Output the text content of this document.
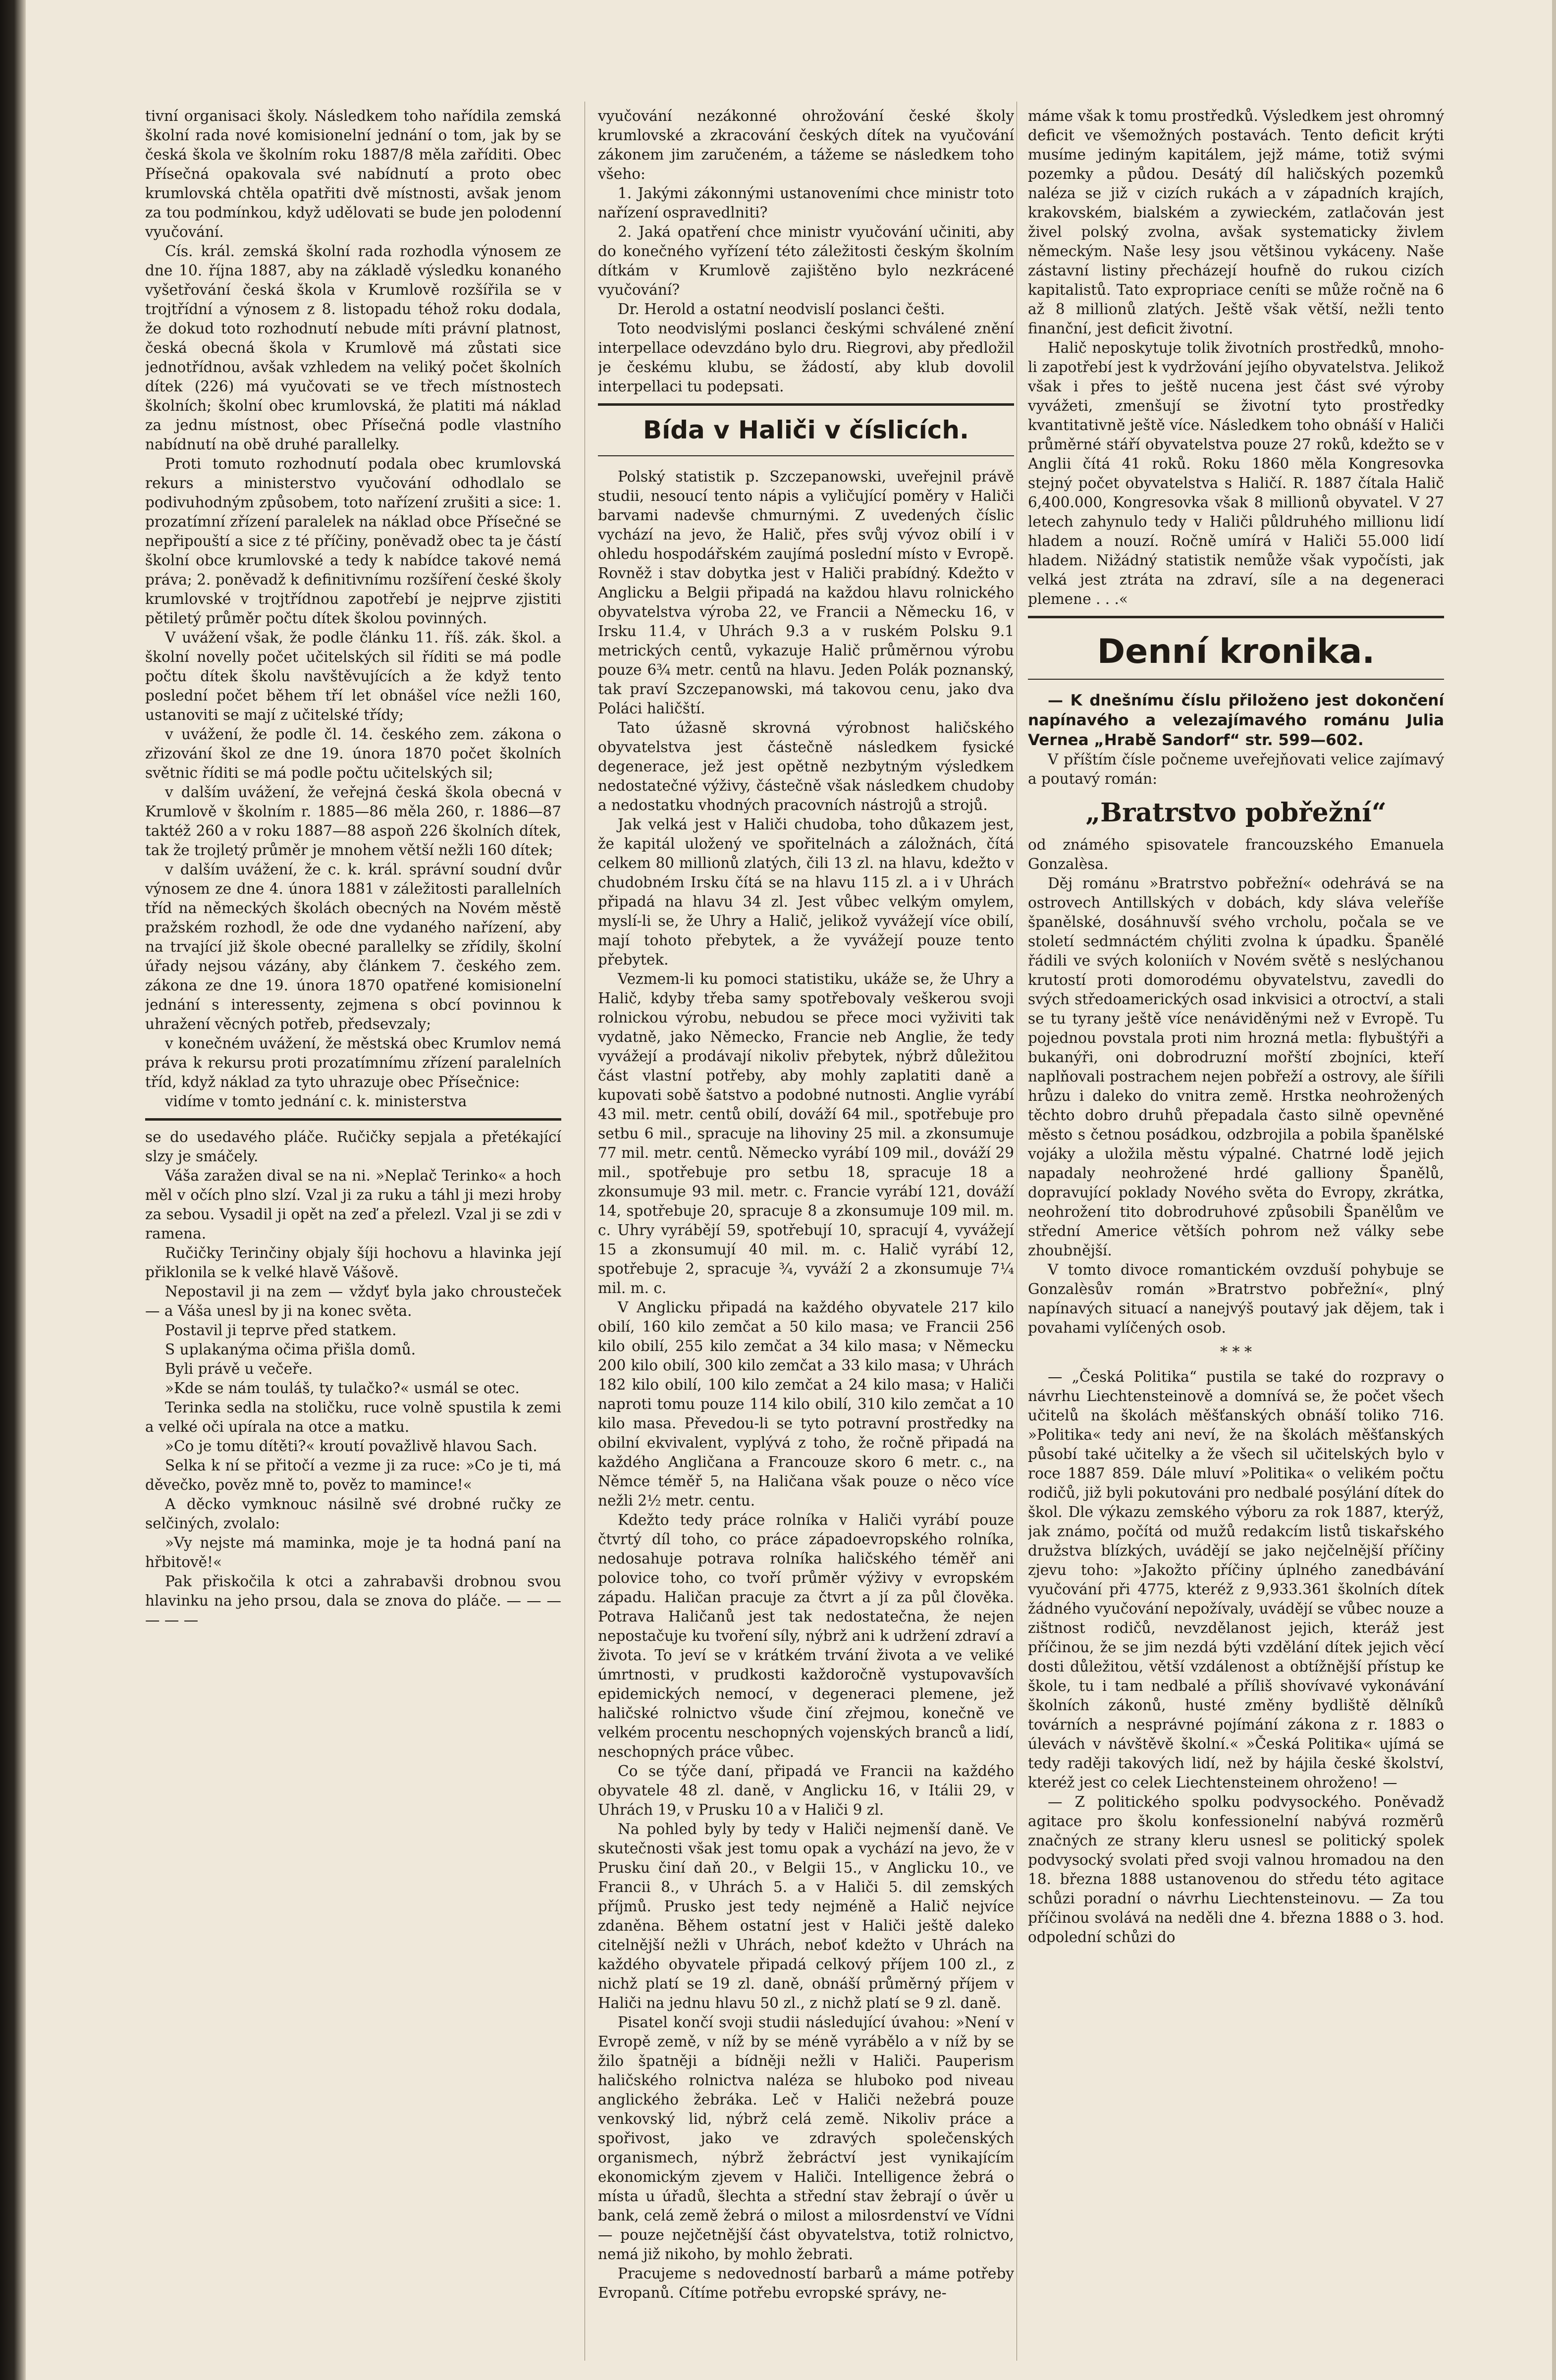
tivní organisaci školy. Následkem toho nařídila zemská školní rada nové komisionelní jednání o tom, jak by se česká škola ve školním roku 1887/8 měla zaříditi. Obec Přísečná opakovala své nabídnutí a proto obec krumlovská chtěla opatřiti dvě místnosti, avšak jenom za tou podmínkou, když udělovati se bude jen polodenní vyučování.

Cís. král. zemská školní rada rozhodla výnosem ze dne 10. října 1887, aby na základě výsledku konaného vyšetřování česká škola v Krumlově rozšířila se v trojtřídní a výnosem z 8. listopadu téhož roku dodala, že dokud toto rozhodnutí nebude míti právní platnost, česká obecná škola v Krumlově má zůstati sice jednotřídnou, avšak vzhledem na veliký počet školních dítek (226) má vyučovati se ve třech místnostech školních; školní obec krumlovská, že platiti má náklad za jednu místnost, obec Přísečná podle vlastního nabídnutí na obě druhé parallelky.

Proti tomuto rozhodnutí podala obec krumlovská rekurs a ministerstvo vyučování odhodlalo se podivuhodným způsobem, toto nařízení zrušiti a sice: 1. prozatímní zřízení paralelek na náklad obce Přísečné se nepřipouští a sice z té příčiny, poněvadž obec ta je částí školní obce krumlovské a tedy k nabídce takové nemá práva; 2. poněvadž k definitivnímu rozšíření české školy krumlovské v trojtřídnou zapotřebí je nejprve zjistiti pětiletý průměr počtu dítek školou povinných.

V uvážení však, že podle článku 11. říš. zák. škol. a školní novelly počet učitelských sil říditi se má podle počtu dítek školu navštěvujících a že když tento poslední počet během tří let obnášel více nežli 160, ustanoviti se mají z učitelské třídy;

v uvážení, že podle čl. 14. českého zem. zákona o zřizování škol ze dne 19. února 1870 počet školních světnic říditi se má podle počtu učitelských sil;

v dalším uvážení, že veřejná česká škola obecná v Krumlově v školním r. 1885—86 měla 260, r. 1886—87 taktéž 260 a v roku 1887—88 aspoň 226 školních dítek, tak že trojletý průměr je mnohem větší nežli 160 dítek;

v dalším uvážení, že c. k. král. správní soudní dvůr výnosem ze dne 4. února 1881 v záležitosti parallelních tříd na německých školách obecných na Novém městě pražském rozhodl, že ode dne vydaného nařízení, aby na trvající již škole obecné parallelky se zřídily, školní úřady nejsou vázány, aby článkem 7. českého zem. zákona ze dne 19. února 1870 opatřené komisionelní jednání s interessenty, zejmena s obcí povinnou k uhražení věcných potřeb, předsevzaly;

v konečném uvážení, že městská obec Krumlov nemá práva k rekursu proti prozatímnímu zřízení paralelních tříd, když náklad za tyto uhrazuje obec Přísečnice:

vidíme v tomto jednání c. k. ministerstva

se do usedavého pláče. Ručičky sepjala a přetékající slzy je smáčely.

Váša zaražen dival se na ni. »Neplač Terinko« a hoch měl v očích plno slzí. Vzal ji za ruku a táhl ji mezi hroby za sebou. Vysadil ji opět na zeď a přelezl. Vzal ji se zdi v ramena.

Ručičky Terinčiny objaly šíji hochovu a hlavinka její přiklonila se k velké hlavě Vášově.

Nepostavil ji na zem — vždyť byla jako chrousteček — a Váša unesl by ji na konec světa.

Postavil ji teprve před statkem.

S uplakanýma očima přišla domů.

Byli právě u večeře.

»Kde se nám touláš, ty tulačko?« usmál se otec.

Terinka sedla na stoličku, ruce volně spustila k zemi a velké oči upírala na otce a matku.

»Co je tomu dítěti?« kroutí považlivě hlavou Sach.

Selka k ní se přitočí a vezme ji za ruce: »Co je ti, má děvečko, pověz mně to, pověz to mamince!«

A děcko vymknouc násilně své drobné ručky ze selčiných, zvolalo:

»Vy nejste má maminka, moje je ta hodná paní na hřbitově!«

Pak přiskočila k otci a zahrabavši drobnou svou hlavinku na jeho prsou, dala se znova do pláče. — — — — — —

vyučování nezákonné ohrožování české školy krumlovské a zkracování českých dítek na vyučování zákonem jim zaručeném, a tážeme se následkem toho všeho:

1. Jakými zákonnými ustanoveními chce ministr toto nařízení ospravedlniti?

2. Jaká opatření chce ministr vyučování učiniti, aby do konečného vyřízení této záležitosti českým školním dítkám v Krumlově zajištěno bylo nezkrácené vyučování?

Dr. Herold a ostatní neodvislí poslanci češti.

Toto neodvislými poslanci českými schválené znění interpellace odevzdáno bylo dru. Riegrovi, aby předložil je českému klubu, se žádostí, aby klub dovolil interpellaci tu podepsati.

Bída v Haliči v číslicích.

Polský statistik p. Szczepanowski, uveřejnil právě studii, nesoucí tento nápis a vyličující poměry v Haliči barvami nadevše chmurnými. Z uvedených číslic vychází na jevo, že Halič, přes svůj vývoz obilí i v ohledu hospodářském zaujímá poslední místo v Evropě. Rovněž i stav dobytka jest v Haliči prabídný. Kdežto v Anglicku a Belgii připadá na každou hlavu rolnického obyvatelstva výroba 22, ve Francii a Německu 16, v Irsku 11.4, v Uhrách 9.3 a v ruském Polsku 9.1 metrických centů, vykazuje Halič průměrnou výrobu pouze 6¾ metr. centů na hlavu. Jeden Polák poznanský, tak praví Szczepanowski, má takovou cenu, jako dva Poláci haličští.

Tato úžasně skrovná výrobnost haličského obyvatelstva jest částečně následkem fysické degenerace, jež jest opětně nezbytným výsledkem nedostatečné výživy, částečně však následkem chudoby a nedostatku vhodných pracovních nástrojů a strojů.

Jak velká jest v Haliči chudoba, toho důkazem jest, že kapitál uložený ve spořitelnách a záložnách, čítá celkem 80 millionů zlatých, čili 13 zl. na hlavu, kdežto v chudobném Irsku čítá se na hlavu 115 zl. a i v Uhrách připadá na hlavu 34 zl. Jest vůbec velkým omylem, myslí-li se, že Uhry a Halič, jelikož vyvážejí více obilí, mají tohoto přebytek, a že vyvážejí pouze tento přebytek.

Vezmem-li ku pomoci statistiku, ukáže se, že Uhry a Halič, kdyby třeba samy spotřebovaly veškerou svoji rolnickou výrobu, nebudou se přece moci vyživiti tak vydatně, jako Německo, Francie neb Anglie, že tedy vyvážejí a prodávají nikoliv přebytek, nýbrž důležitou část vlastní potřeby, aby mohly zaplatiti daně a kupovati sobě šatstvo a podobné nutnosti. Anglie vyrábí 43 mil. metr. centů obilí, dováží 64 mil., spotřebuje pro setbu 6 mil., spracuje na lihoviny 25 mil. a zkonsumuje 77 mil. metr. centů. Německo vyrábí 109 mil., dováží 29 mil., spotřebuje pro setbu 18, spracuje 18 a zkonsumuje 93 mil. metr. c. Francie vyrábí 121, dováží 14, spotřebuje 20, spracuje 8 a zkonsumuje 109 mil. m. c. Uhry vyrábějí 59, spotřebují 10, spracují 4, vyvážejí 15 a zkonsumují 40 mil. m. c. Halič vyrábí 12, spotřebuje 2, spracuje ¾, vyváží 2 a zkonsumuje 7¼ mil. m. c.

V Anglicku připadá na každého obyvatele 217 kilo obilí, 160 kilo zemčat a 50 kilo masa; ve Francii 256 kilo obilí, 255 kilo zemčat a 34 kilo masa; v Německu 200 kilo obilí, 300 kilo zemčat a 33 kilo masa; v Uhrách 182 kilo obilí, 100 kilo zemčat a 24 kilo masa; v Haliči naproti tomu pouze 114 kilo obilí, 310 kilo zemčat a 10 kilo masa. Převedou-li se tyto potravní prostředky na obilní ekvivalent, vyplývá z toho, že ročně připadá na každého Angličana a Francouze skoro 6 metr. c., na Němce téměř 5, na Haličana však pouze o něco více nežli 2½ metr. centu.

Kdežto tedy práce rolníka v Haliči vyrábí pouze čtvrtý díl toho, co práce západoevropského rolníka, nedosahuje potrava rolníka haličského téměř ani polovice toho, co tvoří průměr výživy v evropském západu. Haličan pracuje za čtvrt a jí za půl člověka. Potrava Haličanů jest tak nedostatečna, že nejen nepostačuje ku tvoření síly, nýbrž ani k udržení zdraví a života. To jeví se v krátkém trvání života a ve veliké úmrtnosti, v prudkosti každoročně vystupovavších epidemických nemocí, v degeneraci plemene, jež haličské rolnictvo všude činí zřejmou, konečně ve velkém procentu neschopných vojenských branců a lidí, neschopných práce vůbec.

Co se týče daní, připadá ve Francii na každého obyvatele 48 zl. daně, v Anglicku 16, v Itálii 29, v Uhrách 19, v Prusku 10 a v Haliči 9 zl.

Na pohled byly by tedy v Haliči nejmenší daně. Ve skutečnosti však jest tomu opak a vychází na jevo, že v Prusku činí daň 20., v Belgii 15., v Anglicku 10., ve Francii 8., v Uhrách 5. a v Haliči 5. dil zemských příjmů. Prusko jest tedy nejméně a Halič nejvíce zdaněna. Během ostatní jest v Haliči ještě daleko citelnější nežli v Uhrách, neboť kdežto v Uhrách na každého obyvatele připadá celkový příjem 100 zl., z nichž platí se 19 zl. daně, obnáší průměrný příjem v Haliči na jednu hlavu 50 zl., z nichž platí se 9 zl. daně.

Pisatel končí svoji studii následující úvahou: »Není v Evropě země, v níž by se méně vyrábělo a v níž by se žilo špatněji a bídněji nežli v Haliči. Pauperism haličského rolnictva naléza se hluboko pod niveau anglického žebráka. Leč v Haliči nežebrá pouze venkovský lid, nýbrž celá země. Nikoliv práce a spořivost, jako ve zdravých společenských organismech, nýbrž žebráctví jest vynikajícím ekonomickým zjevem v Haliči. Intelligence žebrá o místa u úřadů, šlechta a střední stav žebrají o úvěr u bank, celá země žebrá o milost a milosrdenství ve Vídni — pouze nejčetnější část obyvatelstva, totiž rolnictvo, nemá již nikoho, by mohlo žebrati.

Pracujeme s nedovedností barbarů a máme potřeby Evropanů. Cítíme potřebu evropské správy, ne-

máme však k tomu prostředků. Výsledkem jest ohromný deficit ve všemožných postavách. Tento deficit krýti musíme jediným kapitálem, jejž máme, totiž svými pozemky a půdou. Desátý díl haličských pozemků naléza se již v cizích rukách a v západních krajích, krakovském, bialském a zywieckém, zatlačován jest živel polský zvolna, avšak systematicky živlem německým. Naše lesy jsou většinou vykáceny. Naše zástavní listiny přecházejí houfně do rukou cizích kapitalistů. Tato expropriace ceníti se může ročně na 6 až 8 millionů zlatých. Ještě však větší, nežli tento finanční, jest deficit životní.

Halič neposkytuje tolik životních prostředků, mnoho-li zapotřebí jest k vydržování jejího obyvatelstva. Jelikož však i přes to ještě nucena jest část své výroby vyvážeti, zmenšují se životní tyto prostředky kvantitativně ještě více. Následkem toho obnáší v Haliči průměrné stáří obyvatelstva pouze 27 roků, kdežto se v Anglii čítá 41 roků. Roku 1860 měla Kongresovka stejný počet obyvatelstva s Haličí. R. 1887 čítala Halič 6,400.000, Kongresovka však 8 millionů obyvatel. V 27 letech zahynulo tedy v Haliči půldruhého millionu lidí hladem a nouzí. Ročně umírá v Haliči 55.000 lidí hladem. Nižádný statistik nemůže však vypočísti, jak velká jest ztráta na zdraví, síle a na degeneraci plemene . . .«

Denní kronika.

— K dnešnímu číslu přiloženo jest dokončení napínavého a velezajímavého románu Julia Vernea „Hrabě Sandorf“ str. 599—602.

V příštím čísle počneme uveřejňovati velice zajímavý a poutavý román:

„Bratrstvo pobřežní“

od známého spisovatele francouzského Emanuela Gonzalèsa.

Děj románu »Bratrstvo pobřežní« odehrává se na ostrovech Antillských v dobách, kdy sláva veleříše španělské, dosáhnuvší svého vrcholu, počala se ve století sedmnáctém chýliti zvolna k úpadku. Španělé řádili ve svých koloniích v Novém světě s neslýchanou krutostí proti domorodému obyvatelstvu, zavedli do svých středoamerických osad inkvisici a otroctví, a stali se tu tyrany ještě více nenáviděnými než v Evropě. Tu pojednou povstala proti nim hrozná metla: flybuštýři a bukanýři, oni dobrodruzní mořští zbojníci, kteří naplňovali postrachem nejen pobřeží a ostrovy, ale šířili hrůzu i daleko do vnitra země. Hrstka neohrožených těchto dobro druhů přepadala často silně opevněné město s četnou posádkou, odzbrojila a pobila španělské vojáky a uložila městu výpalné. Chatrné lodě jejich napadaly neohrožené hrdé galliony Španělů, dopravující poklady Nového světa do Evropy, zkrátka, neohrožení tito dobrodruhové způsobili Španělům ve střední Americe větších pohrom než války sebe zhoubnější.

V tomto divoce romantickém ovzduší pohybuje se Gonzalèsův román »Bratrstvo pobřežní«, plný napínavých situací a nanejvýš poutavý jak dějem, tak i povahami vylíčených osob.

* * *

— „Česká Politika“ pustila se také do rozpravy o návrhu Liechtensteinově a domnívá se, že počet všech učitelů na školách měšťanských obnáší toliko 716. »Politika« tedy ani neví, že na školách měšťanských působí také učitelky a že všech sil učitelských bylo v roce 1887 859. Dále mluví »Politika« o velikém počtu rodičů, již byli pokutováni pro nedbalé posýlání dítek do škol. Dle výkazu zemského výboru za rok 1887, kterýž, jak známo, počítá od mužů redakcím listů tiskařského družstva blízkých, uvádějí se jako nejčelnější příčiny zjevu toho: »Jakožto příčiny úplného zanedbávání vyučování při 4775, kteréž z 9,933.361 školních dítek žádného vyučování nepožívaly, uvádějí se vůbec nouze a zištnost rodičů, nevzdělanost jejich, kteráž jest příčinou, že se jim nezdá býti vzdělání dítek jejich věcí dosti důležitou, větší vzdálenost a obtížnější přístup ke škole, tu i tam nedbalé a příliš shovívavé vykonávání školních zákonů, husté změny bydliště dělníků továrních a nesprávné pojímání zákona z r. 1883 o úlevách v návštěvě školní.« »Česká Politika« ujímá se tedy raději takových lidí, než by hájila české školství, kteréž jest co celek Liechtensteinem ohroženo! —

— Z politického spolku podvysockého. Poněvadž agitace pro školu konfessionelní nabývá rozměrů značných ze strany kleru usnesl se politický spolek podvysocký svolati před svoji valnou hromadou na den 18. března 1888 ustanovenou do středu této agitace schůzi poradní o návrhu Liechtensteinovu. — Za tou příčinou svolává na neděli dne 4. března 1888 o 3. hod. odpolední schůzi do
